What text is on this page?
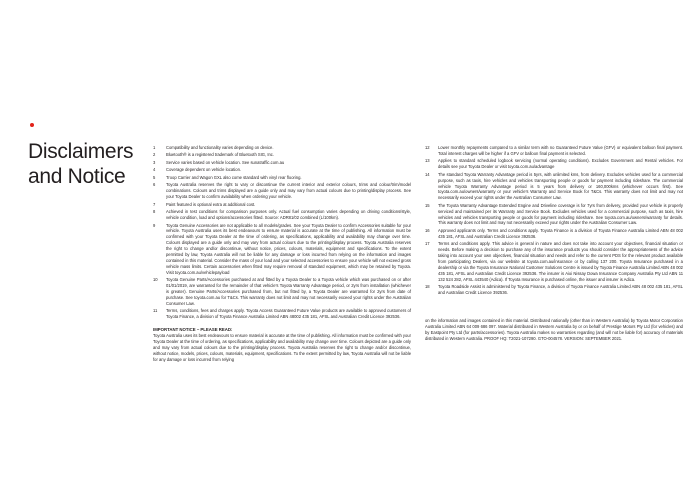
Disclaimers and Notice
1	Compatibility and functionality varies depending on device.
2	Bluetooth® is a registered trademark of Bluetooth SIG, Inc.
3	Service varies based on vehicle location. See sunatraffic.com.au
4	Coverage dependent on vehicle location.
5	Troop Carrier and Wagon GXL also come standard with vinyl rear flooring.
6	Toyota Australia reserves the right to vary or discontinue the current interior and exterior colours, trims and colour/trim/model combinations. Colours and trims displayed are a guide only and may vary from actual colours due to printing/display process. See your Toyota Dealer to confirm availability when ordering your vehicle.
7	Paint featured is optional extra at additional cost.
8	Achieved in test conditions for comparison purposes only. Actual fuel consumption varies depending on driving conditions/style, vehicle condition, load and options/accessories fitted. Source: ADR81/02 combined (L/100km).
9	Toyota Genuine Accessories are not applicable to all models/grades. See your Toyota Dealer to confirm Accessories suitable for your vehicle. Toyota Australia uses its best endeavours to ensure material is accurate at the time of publishing. All information must be confirmed with your Toyota Dealer at the time of ordering, as specifications, applicability and availability may change over time. Colours displayed are a guide only and may vary from actual colours due to the printing/display process. Toyota Australia reserves the right to change and/or discontinue, without notice, prices, colours, materials, equipment and specifications. To the extent permitted by law, Toyota Australia will not be liable for any damage or loss incurred from relying on the information and images contained in this material. Consider the mass of your load and your selected accessories to ensure your vehicle will not exceed gross vehicle mass limits. Certain accessories when fitted may require removal of standard equipment, which may be retained by Toyota. Visit toyota.com.au/vehiclepayload
10	Toyota Genuine Parts/Accessories purchased at and fitted by a Toyota Dealer to a Toyota vehicle which was purchased on or after 01/01/2019, are warranted for the remainder of that vehicle's Toyota Warranty Advantage period, or 2yrs from installation (whichever is greater). Genuine Parts/Accessories purchased from, but not fitted by, a Toyota Dealer are warranted for 2yrs from date of purchase. See toyota.com.au for T&Cs. This warranty does not limit and may not necessarily exceed your rights under the Australian Consumer Law.
11	Terms, conditions, fees and charges apply. Toyota Access Guaranteed Future Value products are available to approved customers of Toyota Finance, a division of Toyota Finance Australia Limited ABN 48002 435 181, AFSL and Australian Credit Licence 392536.
IMPORTANT NOTICE – PLEASE READ:
Toyota Australia uses its best endeavours to ensure material is accurate at the time of publishing. All information must be confirmed with your Toyota Dealer at the time of ordering, as specifications, applicability and availability may change over time. Colours depicted are a guide only and may vary from actual colours due to the printing/display process. Toyota Australia reserves the right to change and/or discontinue, without notice, models, prices, colours, materials, equipment, specifications. To the extent permitted by law, Toyota Australia will not be liable for any damage or loss incurred from relying
12	Lower monthly repayments compared to a similar term with no Guaranteed Future Value (GFV) or equivalent balloon final payment. Total interest charges will be higher if a GFV or balloon final payment is selected.
13	Applies to standard scheduled logbook servicing (normal operating conditions). Excludes Government and Rental vehicles. For details see your Toyota Dealer or visit toyota.com.au/advantage
14	The standard Toyota Warranty Advantage period is 5yrs, with unlimited kms, from delivery. Excludes vehicles used for a commercial purpose, such as taxis, hire vehicles and vehicles transporting people or goods for payment including rideshare. The commercial vehicle Toyota Warranty Advantage period is 5 years from delivery or 160,000kms (whichever occurs first). See toyota.com.au/owners/warranty or your vehicle's Warranty and Service Book for T&Cs. This warranty does not limit and may not necessarily exceed your rights under the Australian Consumer Law.
15	The Toyota Warranty Advantage Extended Engine and Driveline coverage is for 7yrs from delivery, provided your vehicle is properly serviced and maintained per its Warranty and Service Book. Excludes vehicles used for a commercial purpose, such as taxis, hire vehicles and vehicles transporting people or goods for payment including rideshare. See toyota.com.au/owners/warranty for details. This warranty does not limit and may not necessarily exceed your rights under the Australian Consumer Law.
16	Approved applicants only. Terms and conditions apply. Toyota Finance is a division of Toyota Finance Australia Limited ABN 48 002 435 181, AFSL and Australian Credit Licence 392536.
17	Terms and conditions apply. This advice is general in nature and does not take into account your objectives, financial situation or needs. Before making a decision to purchase any of the insurance products you should consider the appropriateness of the advice taking into account your own objectives, financial situation and needs and refer to the current PDS for the relevant product available from participating Dealers, via our website at toyota.com.au/insurance or by calling 137 200. Toyota Insurance purchased in a dealership or via the Toyota Insurance National Customer Solutions Centre is issued by Toyota Finance Australia Limited ABN 48 002 435 181, AFSL and Australian Credit Licence 392536. The insurer is Aioi Nissay Dowa Insurance Company Australia Pty Ltd ABN 11 132 524 282, AFSL 443540 (Adica). If Toyota Insurance is purchased online, the issuer and insurer is Adica.
18	Toyota Roadside Assist is administered by Toyota Finance, a division of Toyota Finance Australia Limited ABN 48 002 435 181, AFSL and Australian Credit Licence 392536.
on the information and images contained in this material. Distributed nationally (other than in Western Australia) by Toyota Motor Corporation Australia Limited ABN 64 009 686 097. Material distributed in Western Australia by or on behalf of Prestige Motors Pty Ltd (for vehicles) and by Eastpoint Pty Ltd (for parts/accessories). Toyota Australia makes no warranties regarding (and will not be liable for) accuracy of materials distributed in Western Australia. PROOF HQ: T2021-107290. GTO-004578. VERSION: SEPTEMBER 2021.
